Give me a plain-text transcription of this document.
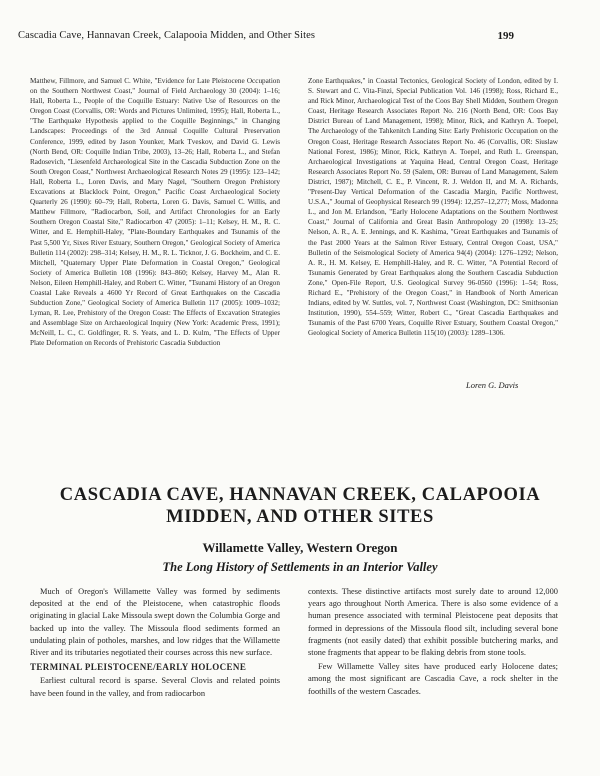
Cascadia Cave, Hannavan Creek, Calapooia Midden, and Other Sites	199
Matthew, Fillmore, and Samuel C. White, "Evidence for Late Pleistocene Occupation on the Southern Northwest Coast," Journal of Field Archaeology 30 (2004): 1–16; Hall, Roberta L., People of the Coquille Estuary: Native Use of Resources on the Oregon Coast (Corvallis, OR: Words and Pictures Unlimited, 1995); Hall, Roberta L., "The Earthquake Hypothesis applied to the Coquille Beginnings," in Changing Landscapes: Proceedings of the 3rd Annual Coquille Cultural Preservation Conference, 1999, edited by Jason Younker, Mark Tveskov, and David G. Lewis (North Bend, OR: Coquille Indian Tribe, 2003), 13–26; Hall, Roberta L., and Stefan Radosevich, "Liesenfeld Archaeological Site in the Cascadia Subduction Zone on the South Oregon Coast," Northwest Archaeological Research Notes 29 (1995): 123–142; Hall, Roberta L., Loren Davis, and Mary Nagel, "Southern Oregon Prehistory Excavations at Blacklock Point, Oregon," Pacific Coast Archaeological Society Quarterly 26 (1990): 60–79; Hall, Roberta, Loren G. Davis, Samuel C. Willis, and Matthew Fillmore, "Radiocarbon, Soil, and Artifact Chronologies for an Early Southern Oregon Coastal Site," Radiocarbon 47 (2005): 1–11; Kelsey, H. M., R. C. Witter, and E. Hemphill-Haley, "Plate-Boundary Earthquakes and Tsunamis of the Past 5,500 Yr, Sixes River Estuary, Southern Oregon," Geological Society of America Bulletin 114 (2002): 298–314; Kelsey, H. M., R. L. Ticknor, J. G. Bockheim, and C. E. Mitchell, "Quaternary Upper Plate Deformation in Coastal Oregon," Geological Society of America Bulletin 108 (1996): 843–860; Kelsey, Harvey M., Alan R. Nelson, Eileen Hemphill-Haley, and Robert C. Witter, "Tsunami History of an Oregon Coastal Lake Reveals a 4600 Yr Record of Great Earthquakes on the Cascadia Subduction Zone," Geological Society of America Bulletin 117 (2005): 1009–1032; Lyman, R. Lee, Prehistory of the Oregon Coast: The Effects of Excavation Strategies and Assemblage Size on Archaeological Inquiry (New York: Academic Press, 1991); McNeill, L. C., C. Goldfinger, R. S. Yeats, and L. D. Kulm, "The Effects of Upper Plate Deformation on Records of Prehistoric Cascadia Subduction
Zone Earthquakes," in Coastal Tectonics, Geological Society of London, edited by I. S. Stewart and C. Vita-Finzi, Special Publication Vol. 146 (1998); Ross, Richard E., and Rick Minor, Archaeological Test of the Coos Bay Shell Midden, Southern Oregon Coast, Heritage Research Associates Report No. 216 (North Bend, OR: Coos Bay District Bureau of Land Management, 1998); Minor, Rick, and Kathryn A. Toepel, The Archaeology of the Tahkenitch Landing Site: Early Prehistoric Occupation on the Oregon Coast, Heritage Research Associates Report No. 46 (Corvallis, OR: Siuslaw National Forest, 1986); Minor, Rick, Kathryn A. Toepel, and Ruth L. Greenspan, Archaeological Investigations at Yaquina Head, Central Oregon Coast, Heritage Research Associates Report No. 59 (Salem, OR: Bureau of Land Management, Salem District, 1987); Mitchell, C. E., P. Vincent, R. J. Weldon II, and M. A. Richards, "Present-Day Vertical Deformation of the Cascadia Margin, Pacific Northwest, U.S.A.," Journal of Geophysical Research 99 (1994): 12,257–12,277; Moss, Madonna L., and Jon M. Erlandson, "Early Holocene Adaptations on the Southern Northwest Coast," Journal of California and Great Basin Anthropology 20 (1998): 13–25; Nelson, A. R., A. E. Jennings, and K. Kashima, "Great Earthquakes and Tsunamis of the Past 2000 Years at the Salmon River Estuary, Central Oregon Coast, USA," Bulletin of the Seismological Society of America 94(4) (2004): 1276–1292; Nelson, A. R., H. M. Kelsey, E. Hemphill-Haley, and R. C. Witter, "A Potential Record of Tsunamis Generated by Great Earthquakes along the Southern Cascadia Subduction Zone," Open-File Report, U.S. Geological Survey 96-0560 (1996): 1–54; Ross, Richard E., "Prehistory of the Oregon Coast," in Handbook of North American Indians, edited by W. Suttles, vol. 7, Northwest Coast (Washington, DC: Smithsonian Institution, 1990), 554–559; Witter, Robert C., "Great Cascadia Earthquakes and Tsunamis of the Past 6700 Years, Coquille River Estuary, Southern Coastal Oregon," Geological Society of America Bulletin 115(10) (2003): 1289–1306.
Loren G. Davis
CASCADIA CAVE, HANNAVAN CREEK, CALAPOOIA MIDDEN, AND OTHER SITES
Willamette Valley, Western Oregon
The Long History of Settlements in an Interior Valley

Much of Oregon's Willamette Valley was formed by sediments deposited at the end of the Pleistocene, when catastrophic floods originating in glacial Lake Missoula swept down the Columbia Gorge and backed up into the valley. The Missoula flood sediments formed an undulating plain of potholes, marshes, and low ridges that the Willamette River and its tributaries negotiated their courses across this new surface.

TERMINAL PLEISTOCENE/EARLY HOLOCENE

Earliest cultural record is sparse. Several Clovis and related points have been found in the valley, and from radiocarbon

contexts. These distinctive artifacts most surely date to around 12,000 years ago throughout North America. There is also some evidence of a human presence associated with terminal Pleistocene peat deposits that formed in depressions of the Missoula flood silt, including several bone fragments (not easily dated) that exhibit possible butchering marks, and stone fragments that appear to be flaking debris from stone tools.

Few Willamette Valley sites have produced early Holocene dates; among the most significant are Cascadia Cave, a rock shelter in the foothills of the western Cascades.
